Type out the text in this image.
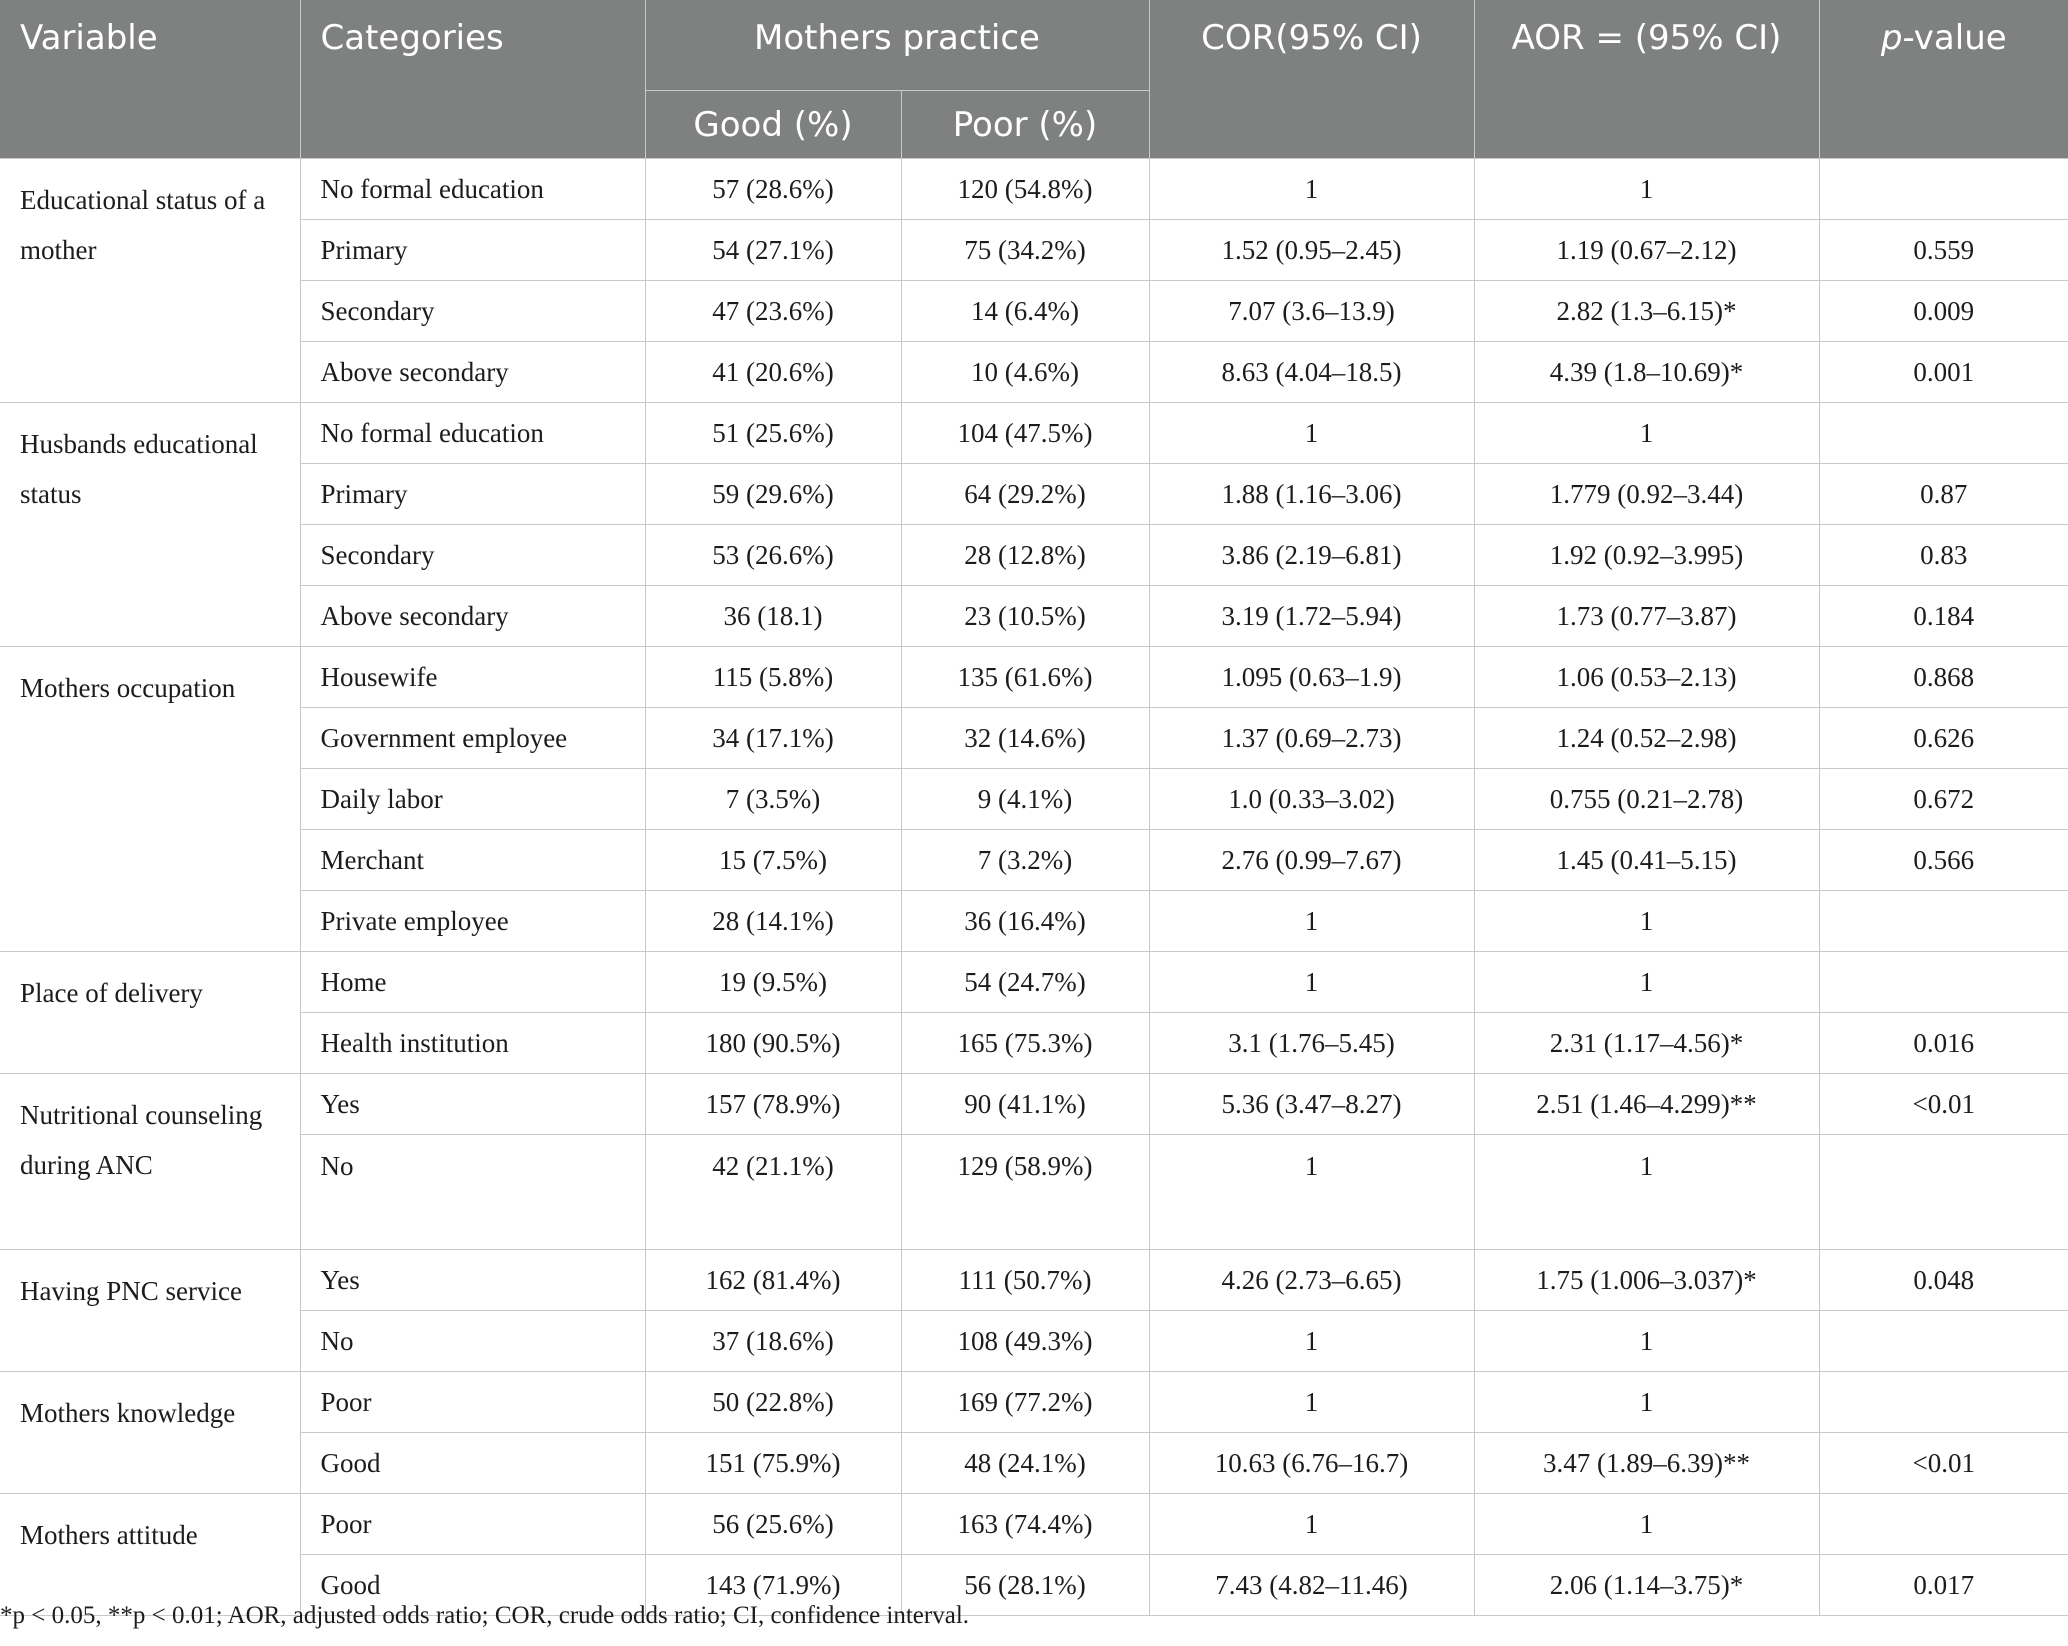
Variable	Categories	Mothers practice		COR(95% CI)	AOR = (95% CI)	p-value
		Good (%)	Poor (%)			
Educational status of a mother	No formal education	57 (28.6%)	120 (54.8%)	1	1	
	Primary	54 (27.1%)	75 (34.2%)	1.52 (0.95–2.45)	1.19 (0.67–2.12)	0.559
	Secondary	47 (23.6%)	14 (6.4%)	7.07 (3.6–13.9)	2.82 (1.3–6.15)*	0.009
	Above secondary	41 (20.6%)	10 (4.6%)	8.63 (4.04–18.5)	4.39 (1.8–10.69)*	0.001
Husbands educational status	No formal education	51 (25.6%)	104 (47.5%)	1	1	
	Primary	59 (29.6%)	64 (29.2%)	1.88 (1.16–3.06)	1.779 (0.92–3.44)	0.87
	Secondary	53 (26.6%)	28 (12.8%)	3.86 (2.19–6.81)	1.92 (0.92–3.995)	0.83
	Above secondary	36 (18.1)	23 (10.5%)	3.19 (1.72–5.94)	1.73 (0.77–3.87)	0.184
Mothers occupation	Housewife	115 (5.8%)	135 (61.6%)	1.095 (0.63–1.9)	1.06 (0.53–2.13)	0.868
	Government employee	34 (17.1%)	32 (14.6%)	1.37 (0.69–2.73)	1.24 (0.52–2.98)	0.626
	Daily labor	7 (3.5%)	9 (4.1%)	1.0 (0.33–3.02)	0.755 (0.21–2.78)	0.672
	Merchant	15 (7.5%)	7 (3.2%)	2.76 (0.99–7.67)	1.45 (0.41–5.15)	0.566
	Private employee	28 (14.1%)	36 (16.4%)	1	1	
Place of delivery	Home	19 (9.5%)	54 (24.7%)	1	1	
	Health institution	180 (90.5%)	165 (75.3%)	3.1 (1.76–5.45)	2.31 (1.17–4.56)*	0.016
Nutritional counseling during ANC	Yes	157 (78.9%)	90 (41.1%)	5.36 (3.47–8.27)	2.51 (1.46–4.299)**	<0.01
	No	42 (21.1%)	129 (58.9%)	1	1	
Having PNC service	Yes	162 (81.4%)	111 (50.7%)	4.26 (2.73–6.65)	1.75 (1.006–3.037)*	0.048
	No	37 (18.6%)	108 (49.3%)	1	1	
Mothers knowledge	Poor	50 (22.8%)	169 (77.2%)	1	1	
	Good	151 (75.9%)	48 (24.1%)	10.63 (6.76–16.7)	3.47 (1.89–6.39)**	<0.01
Mothers attitude	Poor	56 (25.6%)	163 (74.4%)	1	1	
	Good	143 (71.9%)	56 (28.1%)	7.43 (4.82–11.46)	2.06 (1.14–3.75)*	0.017
*p < 0.05, **p < 0.01; AOR, adjusted odds ratio; COR, crude odds ratio; CI, confidence interval.
